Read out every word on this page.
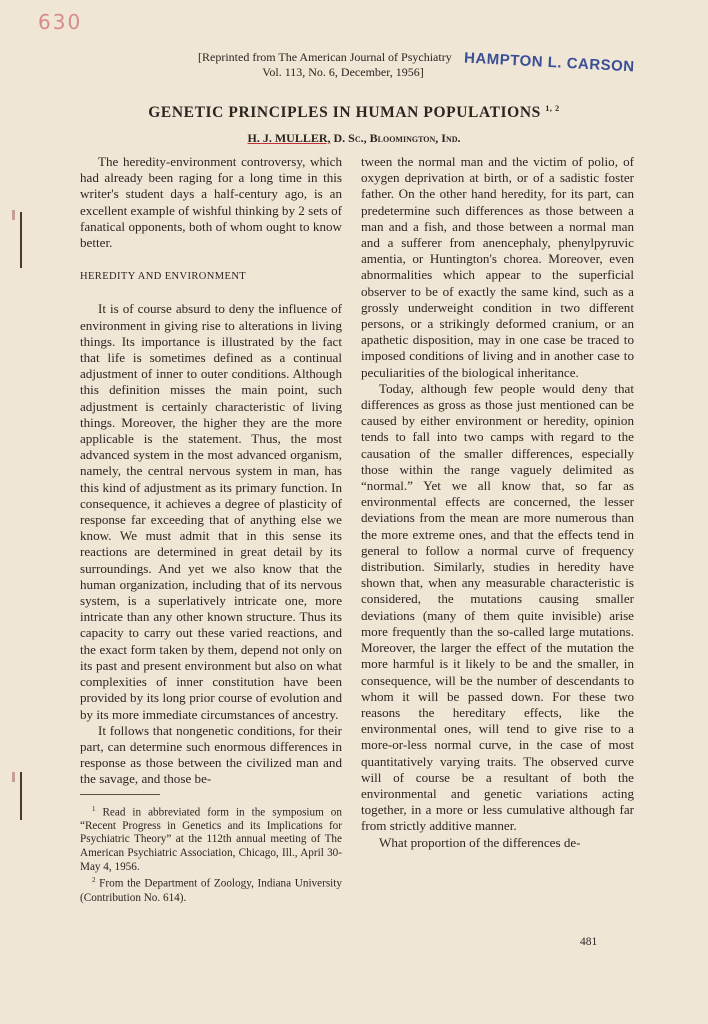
630
HAMPTON L. CARSON
[Reprinted from The American Journal of Psychiatry
Vol. 113, No. 6, December, 1956]
GENETIC PRINCIPLES IN HUMAN POPULATIONS $^{1, 2}$
H. J. MULLER, D. Sc., Bloomington, Ind.

The heredity-environment controversy, which had already been raging for a long time in this writer's student days a half-century ago, is an excellent example of wishful thinking by 2 sets of fanatical opponents, both of whom ought to know better.

HEREDITY AND ENVIRONMENT

It is of course absurd to deny the influence of environment in giving rise to alterations in living things. Its importance is illustrated by the fact that life is sometimes defined as a continual adjustment of inner to outer conditions. Although this definition misses the main point, such adjustment is certainly characteristic of living things. Moreover, the higher they are the more applicable is the statement. Thus, the most advanced system in the most advanced organism, namely, the central nervous system in man, has this kind of adjustment as its primary function. In consequence, it achieves a degree of plasticity of response far exceeding that of anything else we know. We must admit that in this sense its reactions are determined in great detail by its surroundings. And yet we also know that the human organization, including that of its nervous system, is a superlatively intricate one, more intricate than any other known structure. Thus its capacity to carry out these varied reactions, and the exact form taken by them, depend not only on its past and present environment but also on what complexities of inner constitution have been provided by its long prior course of evolution and by its more immediate circumstances of ancestry.

It follows that nongenetic conditions, for their part, can determine such enormous differences in response as those between the civilized man and the savage, and those be-

$^1$ Read in abbreviated form in the symposium on “Recent Progress in Genetics and its Implications for Psychiatric Theory” at the 112th annual meeting of The American Psychiatric Association, Chicago, Ill., April 30-May 4, 1956.

$^2$ From the Department of Zoology, Indiana University (Contribution No. 614).

tween the normal man and the victim of polio, of oxygen deprivation at birth, or of a sadistic foster father. On the other hand heredity, for its part, can predetermine such differences as those between a man and a fish, and those between a normal man and a sufferer from anencephaly, phenylpyruvic amentia, or Huntington's chorea. Moreover, even abnormalities which appear to the superficial observer to be of exactly the same kind, such as a grossly underweight condition in two different persons, or a strikingly deformed cranium, or an apathetic disposition, may in one case be traced to imposed conditions of living and in another case to peculiarities of the biological inheritance.

Today, although few people would deny that differences as gross as those just mentioned can be caused by either environment or heredity, opinion tends to fall into two camps with regard to the causation of the smaller differences, especially those within the range vaguely delimited as “normal.” Yet we all know that, so far as environmental effects are concerned, the lesser deviations from the mean are more numerous than the more extreme ones, and that the effects tend in general to follow a normal curve of frequency distribution. Similarly, studies in heredity have shown that, when any measurable characteristic is considered, the mutations causing smaller deviations (many of them quite invisible) arise more frequently than the so-called large mutations. Moreover, the larger the effect of the mutation the more harmful is it likely to be and the smaller, in consequence, will be the number of descendants to whom it will be passed down. For these two reasons the hereditary effects, like the environmental ones, will tend to give rise to a more-or-less normal curve, in the case of most quantitatively varying traits. The observed curve will of course be a resultant of both the environmental and genetic variations acting together, in a more or less cumulative although far from strictly additive manner.

What proportion of the differences de-

481
